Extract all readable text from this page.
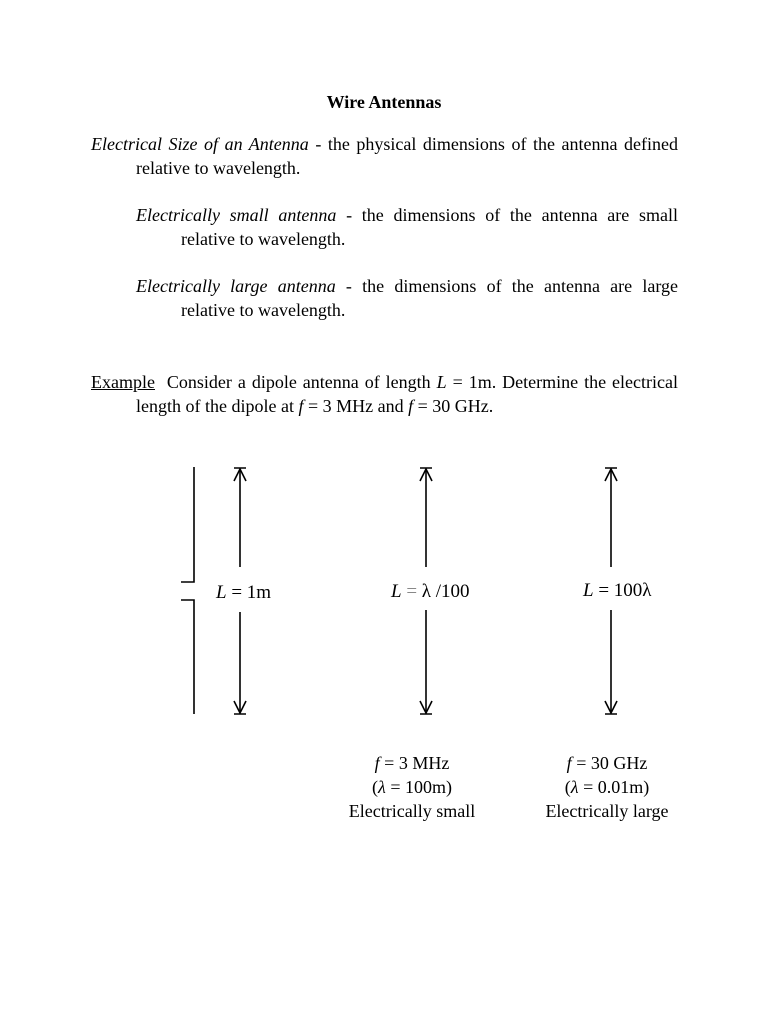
Wire Antennas
Electrical Size of an Antenna - the physical dimensions of the antenna defined relative to wavelength.
Electrically small antenna - the dimensions of the antenna are small relative to wavelength.
Electrically large antenna - the dimensions of the antenna are large relative to wavelength.
Example Consider a dipole antenna of length L = 1m. Determine the electrical length of the dipole at f = 3 MHz and f = 30 GHz.
L = 1m	L = λ /100	L = 100λ
f = 3 MHz
(λ = 100m)
Electrically small
f = 30 GHz
(λ = 0.01m)
Electrically large
